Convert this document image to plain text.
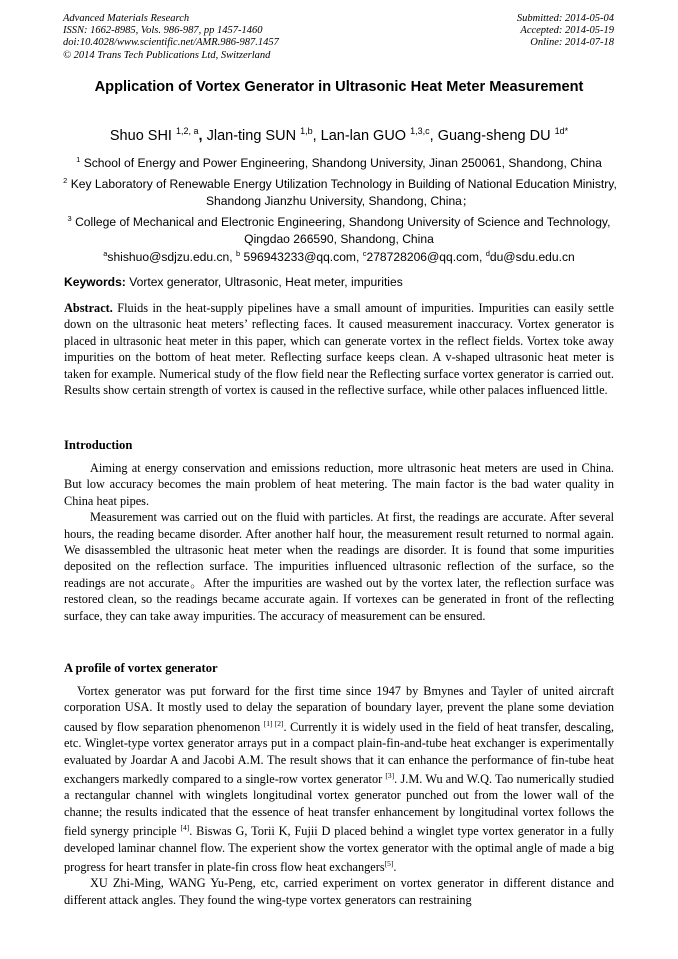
Advanced Materials Research
ISSN: 1662-8985, Vols. 986-987, pp 1457-1460
doi:10.4028/www.scientific.net/AMR.986-987.1457
© 2014 Trans Tech Publications Ltd, Switzerland
Submitted: 2014-05-04
Accepted: 2014-05-19
Online: 2014-07-18
Application of Vortex Generator in Ultrasonic Heat Meter Measurement
Shuo SHI $^{1,2, a}$, Jlan-ting SUN $^{1,b}$, Lan-lan GUO $^{1,3,c}$, Guang-sheng DU $^{1d*}$
$^1$ School of Energy and Power Engineering, Shandong University, Jinan 250061, Shandong, China
$^2$ Key Laboratory of Renewable Energy Utilization Technology in Building of National Education Ministry, Shandong Jianzhu University, Shandong, China；
$^3$ College of Mechanical and Electronic Engineering, Shandong University of Science and Technology, Qingdao 266590, Shandong, China
$^a$shishuo@sdjzu.edu.cn, $^b$ 596943233@qq.com, $^c$278728206@qq.com, $^d$du@sdu.edu.cn
Keywords: Vortex generator, Ultrasonic, Heat meter, impurities

Abstract. Fluids in the heat-supply pipelines have a small amount of impurities. Impurities can easily settle down on the ultrasonic heat meters’ reflecting faces. It caused measurement inaccuracy. Vortex generator is placed in ultrasonic heat meter in this paper, which can generate vortex in the reflect fields. Vortex toke away impurities on the bottom of heat meter. Reflecting surface keeps clean. A v-shaped ultrasonic heat meter is taken for example. Numerical study of the flow field near the Reflecting surface vortex generator is carried out. Results show certain strength of vortex is caused in the reflective surface, while other palaces influenced little.

Introduction

Aiming at energy conservation and emissions reduction, more ultrasonic heat meters are used in China. But low accuracy becomes the main problem of heat metering. The main factor is the bad water quality in China heat pipes.

Measurement was carried out on the fluid with particles. At first, the readings are accurate. After several hours, the reading became disorder. After another half hour, the measurement result returned to normal again. We disassembled the ultrasonic heat meter when the readings are disorder. It is found that some impurities deposited on the reflection surface. The impurities influenced ultrasonic reflection of the surface, so the readings are not accurate。After the impurities are washed out by the vortex later, the reflection surface was restored clean, so the readings became accurate again. If vortexes can be generated in front of the reflecting surface, they can take away impurities. The accuracy of measurement can be ensured.

A profile of vortex generator

Vortex generator was put forward for the first time since 1947 by Bmynes and Tayler of united aircraft corporation USA. It mostly used to delay the separation of boundary layer, prevent the plane some deviation caused by flow separation phenomenon [1] [2]. Currently it is widely used in the field of heat transfer, descaling, etc. Winglet-type vortex generator arrays put in a compact plain-fin-and-tube heat exchanger is experimentally evaluated by Joardar A and Jacobi A.M. The result shows that it can enhance the performance of fin-tube heat exchangers markedly compared to a single-row vortex generator [3]. J.M. Wu and W.Q. Tao numerically studied a rectangular channel with winglets longitudinal vortex generator punched out from the lower wall of the channe; the results indicated that the essence of heat transfer enhancement by longitudinal vortex follows the field synergy principle [4]. Biswas G, Torii K, Fujii D placed behind a winglet type vortex generator in a fully developed laminar channel flow. The experient show the vortex generator with the optimal angle of made a big progress for heart transfer in plate-fin cross flow heat exchangers[5].

XU Zhi-Ming, WANG Yu-Peng, etc, carried experiment on vortex generator in different distance and different attack angles. They found the wing-type vortex generators can restraining
